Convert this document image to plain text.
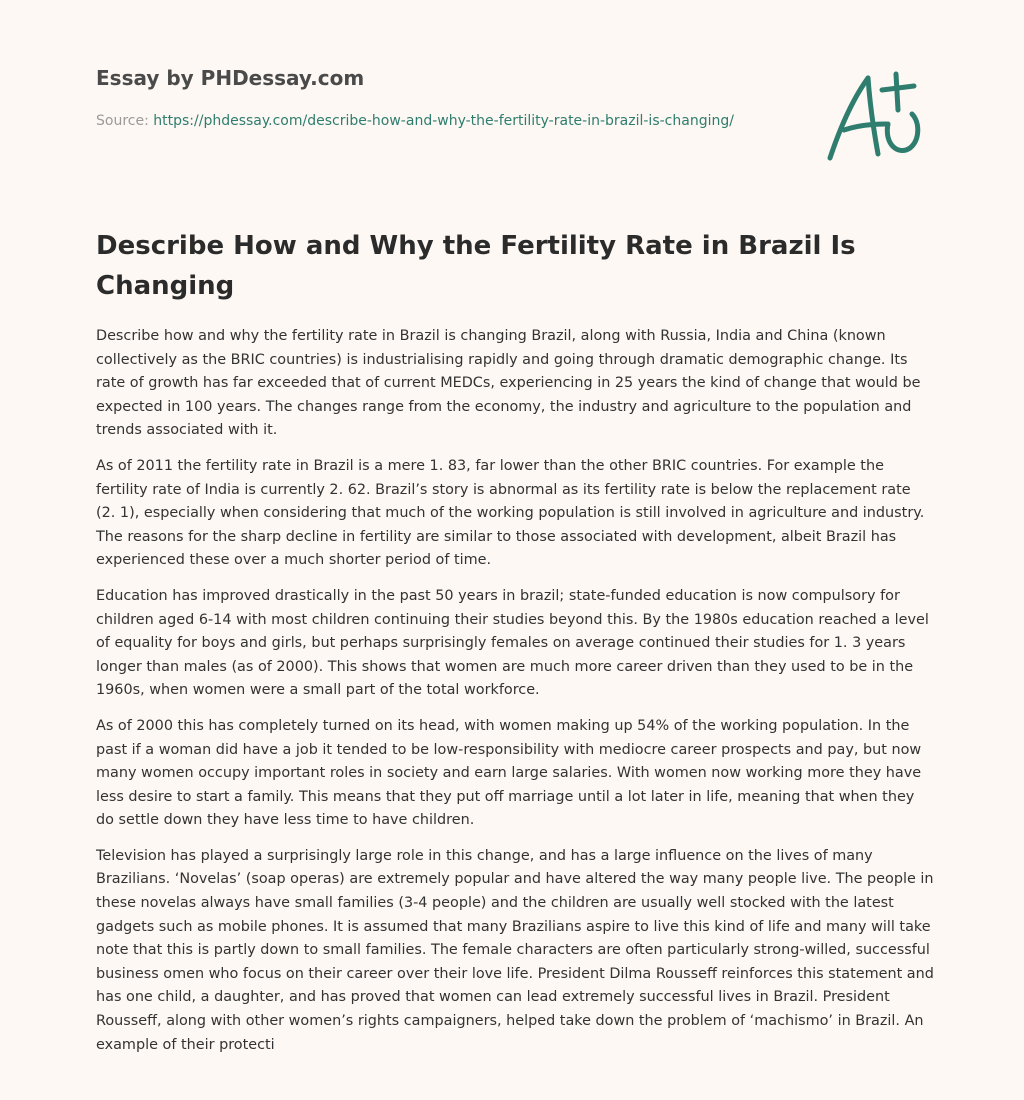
Essay by PHDessay.com
Source: https://phdessay.com/describe-how-and-why-the-fertility-rate-in-brazil-is-changing/
Describe How and Why the Fertility Rate in Brazil Is Changing

Describe how and why the fertility rate in Brazil is changing Brazil, along with Russia, India and China (known collectively as the BRIC countries) is industrialising rapidly and going through dramatic demographic change. Its rate of growth has far exceeded that of current MEDCs, experiencing in 25 years the kind of change that would be expected in 100 years. The changes range from the economy, the industry and agriculture to the population and trends associated with it.

As of 2011 the fertility rate in Brazil is a mere 1. 83, far lower than the other BRIC countries. For example the fertility rate of India is currently 2. 62. Brazil’s story is abnormal as its fertility rate is below the replacement rate (2. 1), especially when considering that much of the working population is still involved in agriculture and industry. The reasons for the sharp decline in fertility are similar to those associated with development, albeit Brazil has experienced these over a much shorter period of time.

Education has improved drastically in the past 50 years in brazil; state-funded education is now compulsory for children aged 6-14 with most children continuing their studies beyond this. By the 1980s education reached a level of equality for boys and girls, but perhaps surprisingly females on average continued their studies for 1. 3 years longer than males (as of 2000). This shows that women are much more career driven than they used to be in the 1960s, when women were a small part of the total workforce.

As of 2000 this has completely turned on its head, with women making up 54% of the working population. In the past if a woman did have a job it tended to be low-responsibility with mediocre career prospects and pay, but now many women occupy important roles in society and earn large salaries. With women now working more they have less desire to start a family. This means that they put off marriage until a lot later in life, meaning that when they do settle down they have less time to have children.

Television has played a surprisingly large role in this change, and has a large influence on the lives of many Brazilians. ‘Novelas’ (soap operas) are extremely popular and have altered the way many people live. The people in these novelas always have small families (3-4 people) and the children are usually well stocked with the latest gadgets such as mobile phones. It is assumed that many Brazilians aspire to live this kind of life and many will take note that this is partly down to small families. The female characters are often particularly strong-willed, successful business omen who focus on their career over their love life. President Dilma Rousseff reinforces this statement and has one child, a daughter, and has proved that women can lead extremely successful lives in Brazil. President Rousseff, along with other women’s rights campaigners, helped take down the problem of ‘machismo’ in Brazil. An example of their protecti
